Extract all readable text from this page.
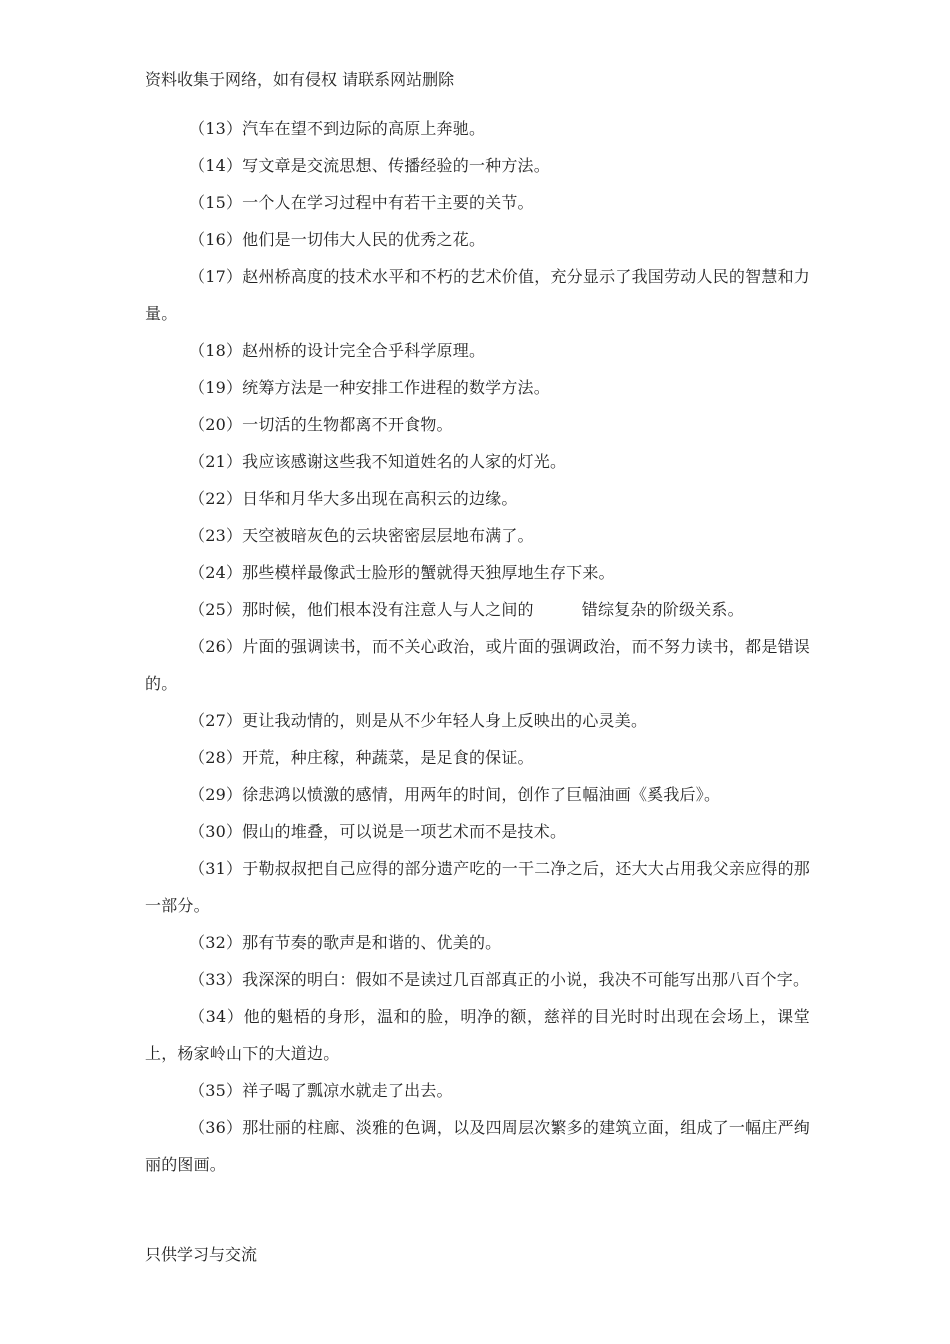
资料收集于网络，如有侵权 请联系网站删除

（13）汽车在望不到边际的高原上奔驰。

（14）写文章是交流思想、传播经验的一种方法。

（15）一个人在学习过程中有若干主要的关节。

（16）他们是一切伟大人民的优秀之花。

（17）赵州桥高度的技术水平和不朽的艺术价值，充分显示了我国劳动人民的智慧和力量。

（18）赵州桥的设计完全合乎科学原理。

（19）统筹方法是一种安排工作进程的数学方法。

（20）一切活的生物都离不开食物。

（21）我应该感谢这些我不知道姓名的人家的灯光。

（22）日华和月华大多出现在高积云的边缘。

（23）天空被暗灰色的云块密密层层地布满了。

（24）那些模样最像武士脸形的蟹就得天独厚地生存下来。

（25）那时候，他们根本没有注意人与人之间的	错综复杂的阶级关系。

（26）片面的强调读书，而不关心政治，或片面的强调政治，而不努力读书，都是错误的。

（27）更让我动情的，则是从不少年轻人身上反映出的心灵美。

（28）开荒，种庄稼，种蔬菜，是足食的保证。

（29）徐悲鸿以愤激的感情，用两年的时间，创作了巨幅油画《奚我后》。

（30）假山的堆叠，可以说是一项艺术而不是技术。

（31）于勒叔叔把自己应得的部分遗产吃的一干二净之后，还大大占用我父亲应得的那一部分。

（32）那有节奏的歌声是和谐的、优美的。

（33）我深深的明白：假如不是读过几百部真正的小说，我决不可能写出那八百个字。

（34）他的魁梧的身形，温和的脸，明净的额，慈祥的目光时时出现在会场上，课堂上，杨家岭山下的大道边。

（35）祥子喝了瓢凉水就走了出去。

（36）那壮丽的柱廊、淡雅的色调，以及四周层次繁多的建筑立面，组成了一幅庄严绚丽的图画。

只供学习与交流
